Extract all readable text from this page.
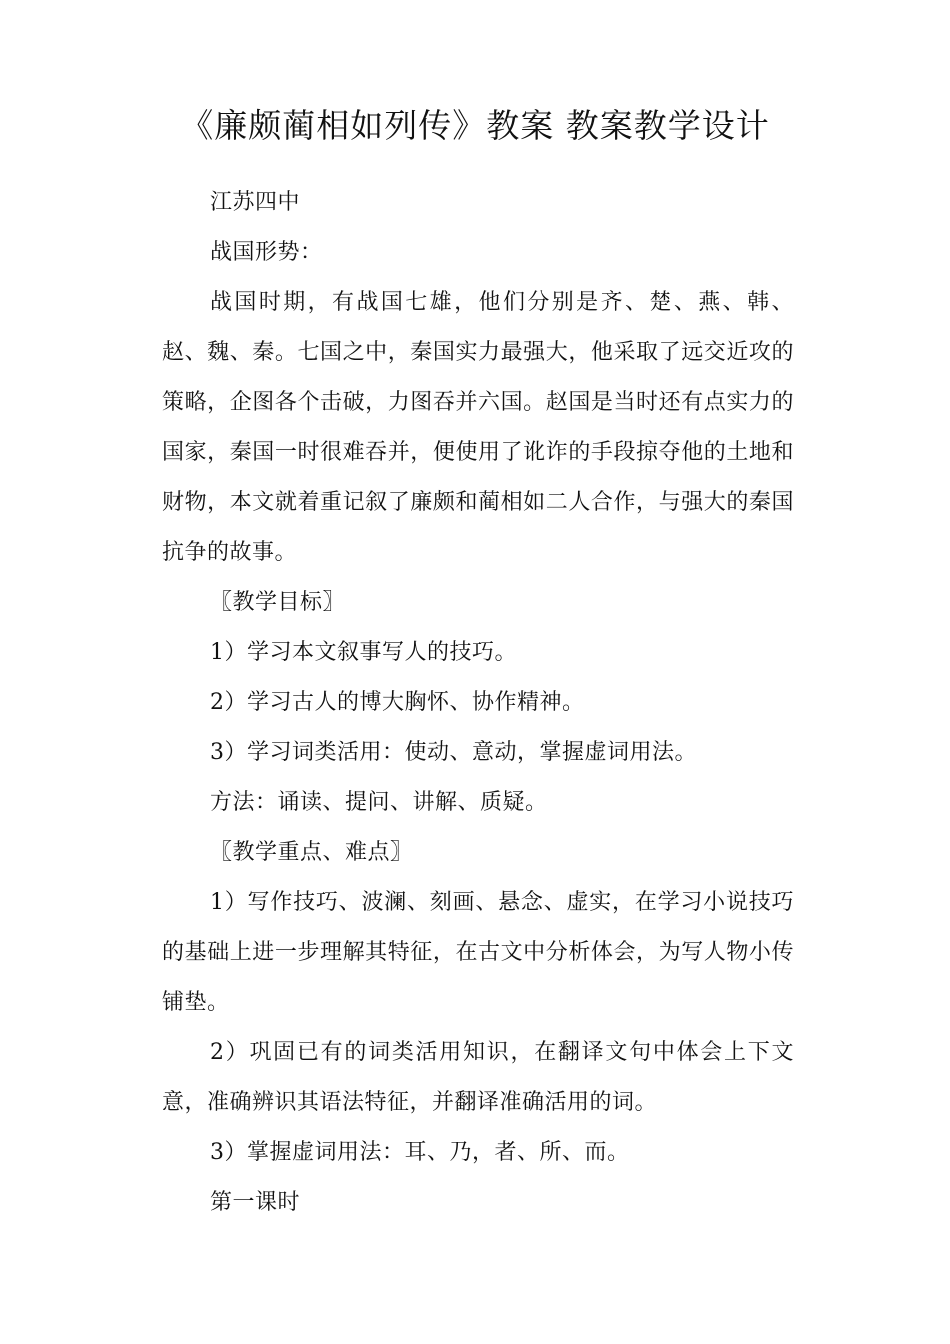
《廉颇蔺相如列传》教案 教案教学设计

江苏四中

战国形势：

战国时期，有战国七雄，他们分别是齐、楚、燕、韩、赵、魏、秦。七国之中，秦国实力最强大，他采取了远交近攻的策略，企图各个击破，力图吞并六国。赵国是当时还有点实力的国家，秦国一时很难吞并，便使用了讹诈的手段掠夺他的土地和财物，本文就着重记叙了廉颇和蔺相如二人合作，与强大的秦国抗争的故事。

〖教学目标〗

1）学习本文叙事写人的技巧。

2）学习古人的博大胸怀、协作精神。

3）学习词类活用：使动、意动，掌握虚词用法。

方法：诵读、提问、讲解、质疑。

〖教学重点、难点〗

1）写作技巧、波澜、刻画、悬念、虚实，在学习小说技巧的基础上进一步理解其特征，在古文中分析体会，为写人物小传铺垫。

2）巩固已有的词类活用知识，在翻译文句中体会上下文意，准确辨识其语法特征，并翻译准确活用的词。

3）掌握虚词用法：耳、乃，者、所、而。

第一课时
